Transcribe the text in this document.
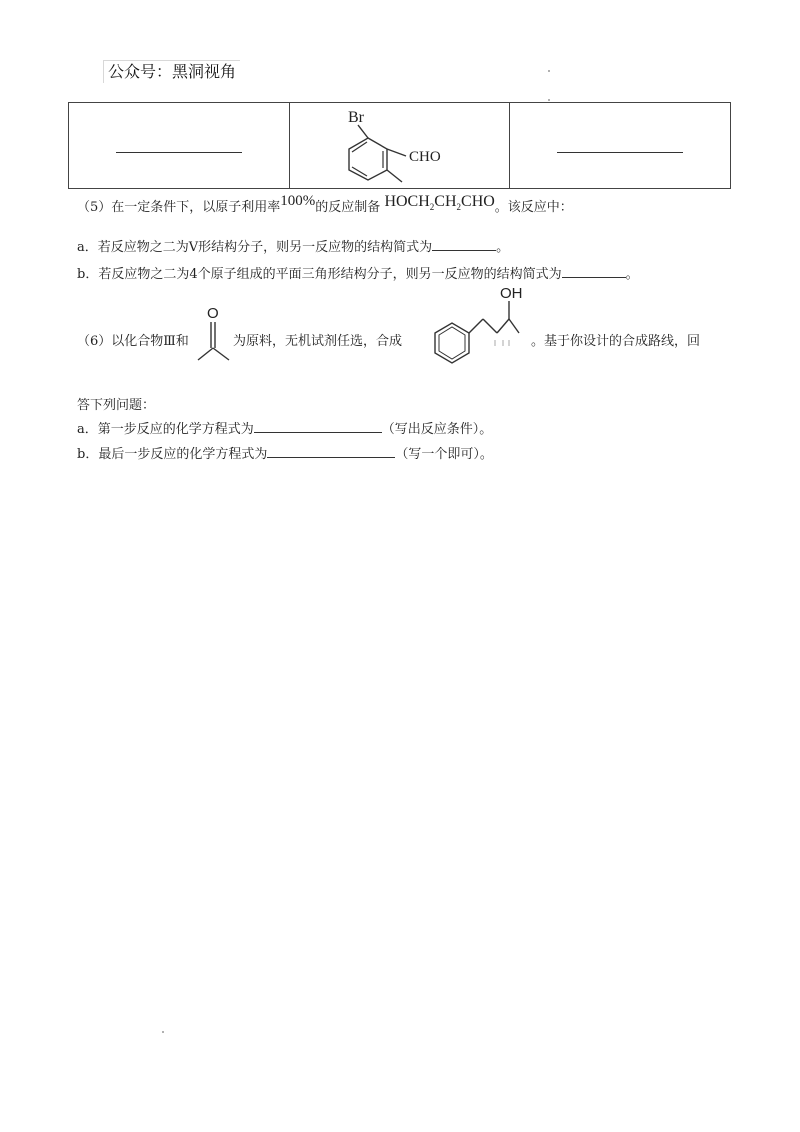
公众号：黑洞视角

Br
CHO

（5）在一定条件下，以原子利用率100%的反应制备 $HOCH_2CH_2CHO$。该反应中：
a．若反应物之二为V形结构分子，则另一反应物的结构简式为	。
b．若反应物之二为4个原子组成的平面三角形结构分子，则另一反应物的结构简式为	。
（6）以化合物Ⅲ和
O
为原料，无机试剂任选，合成
OH
。基于你设计的合成路线，回
答下列问题：
a．第一步反应的化学方程式为	（写出反应条件）。
b．最后一步反应的化学方程式为	（写一个即可）。
